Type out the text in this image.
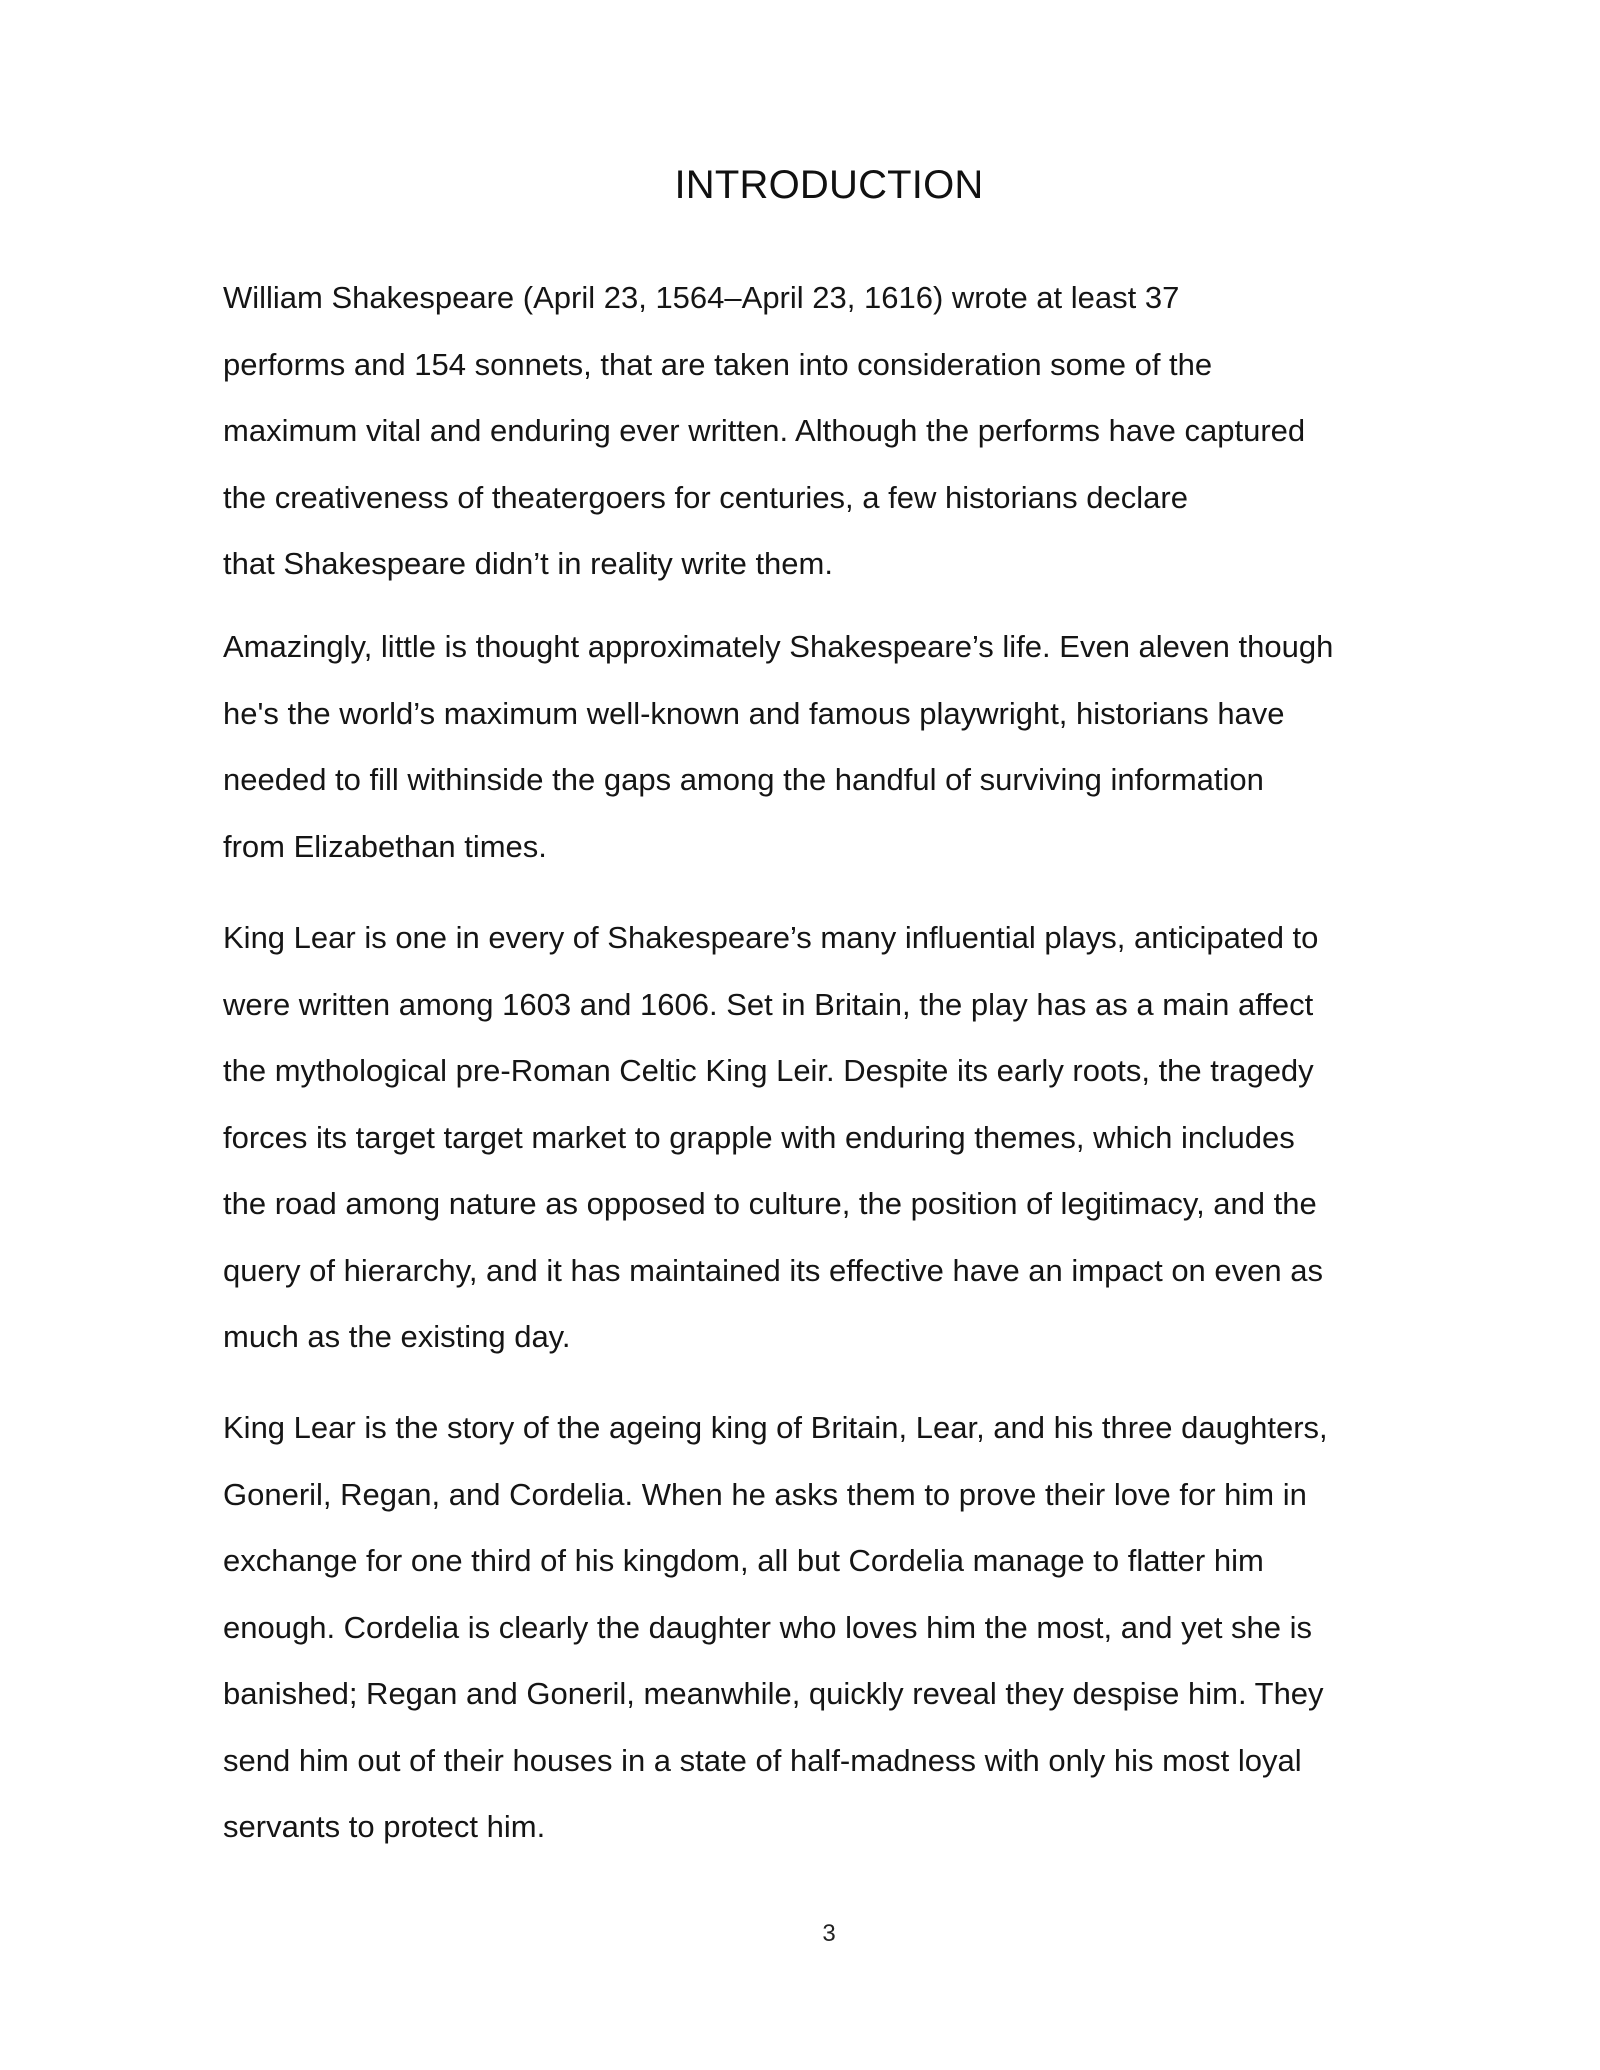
INTRODUCTION

William Shakespeare (April 23, 1564–April 23, 1616) wrote at least 37
performs and 154 sonnets, that are taken into consideration some of the
maximum vital and enduring ever written. Although the performs have captured
the creativeness of theatergoers for centuries, a few historians declare
that Shakespeare didn’t in reality write them.

Amazingly, little is thought approximately Shakespeare’s life. Even aleven though
he's the world’s maximum well-known and famous playwright, historians have
needed to fill withinside the gaps among the handful of surviving information
from Elizabethan times.

King Lear is one in every of Shakespeare’s many influential plays, anticipated to
were written among 1603 and 1606. Set in Britain, the play has as a main affect
the mythological pre-Roman Celtic King Leir. Despite its early roots, the tragedy
forces its target target market to grapple with enduring themes, which includes
the road among nature as opposed to culture, the position of legitimacy, and the
query of hierarchy, and it has maintained its effective have an impact on even as
much as the existing day.

King Lear is the story of the ageing king of Britain, Lear, and his three daughters,
Goneril, Regan, and Cordelia. When he asks them to prove their love for him in
exchange for one third of his kingdom, all but Cordelia manage to flatter him
enough. Cordelia is clearly the daughter who loves him the most, and yet she is
banished; Regan and Goneril, meanwhile, quickly reveal they despise him. They
send him out of their houses in a state of half-madness with only his most loyal
servants to protect him.

3
